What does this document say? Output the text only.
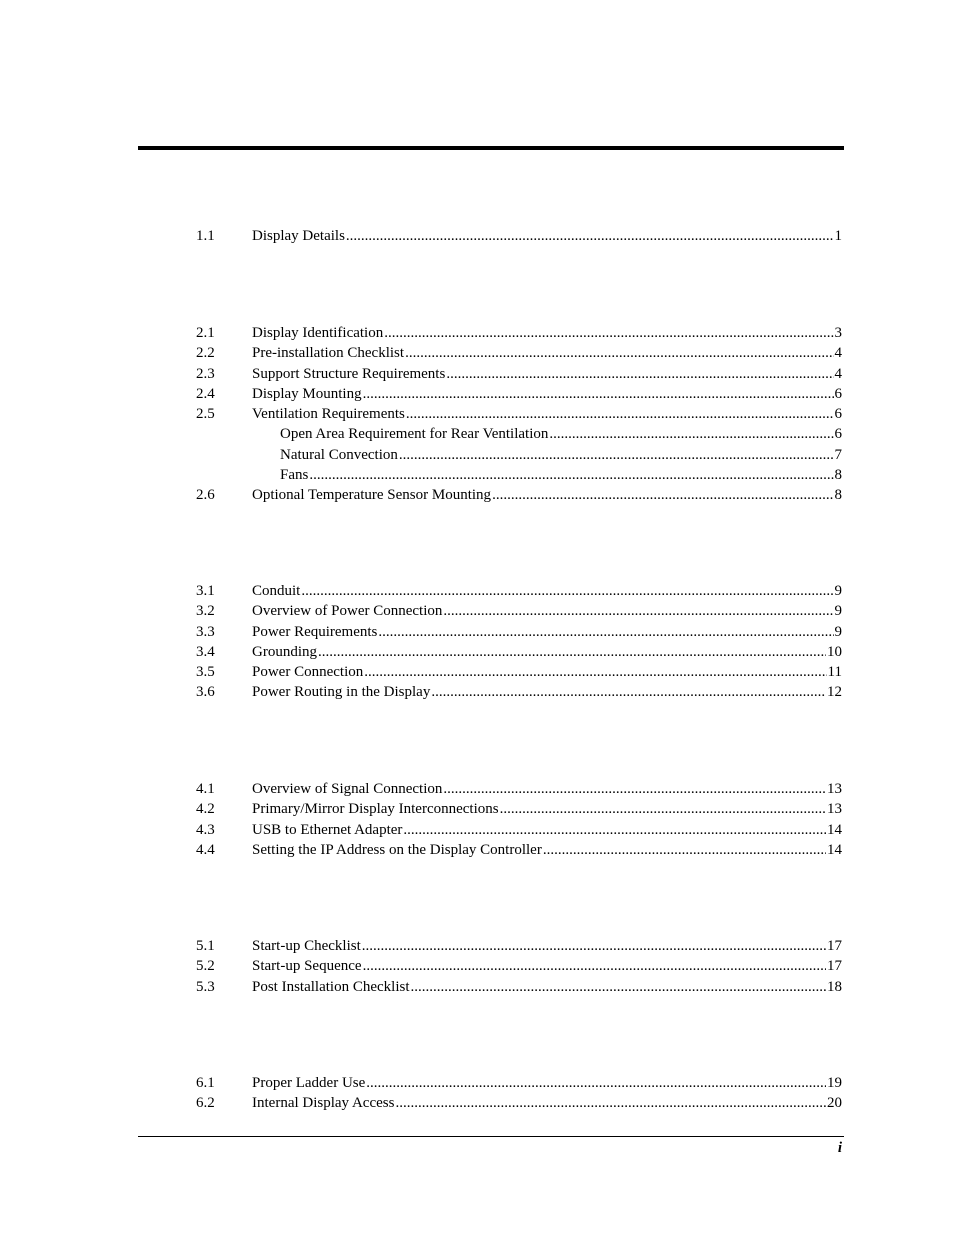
1.1	Display Details .....	1
2.1	Display Identification .....	3
2.2	Pre-installation Checklist .....	4
2.3	Support Structure Requirements .....	4
2.4	Display Mounting .....	6
2.5	Ventilation Requirements .....	6
Open Area Requirement for Rear Ventilation .....	6
Natural Convection .....	7
Fans .....	8
2.6	Optional Temperature Sensor Mounting .....	8
3.1	Conduit .....	9
3.2	Overview of Power Connection .....	9
3.3	Power Requirements .....	9
3.4	Grounding .....	10
3.5	Power Connection .....	11
3.6	Power Routing in the Display .....	12
4.1	Overview of Signal Connection .....	13
4.2	Primary/Mirror Display Interconnections .....	13
4.3	USB to Ethernet Adapter .....	14
4.4	Setting the IP Address on the Display Controller .....	14
5.1	Start-up Checklist .....	17
5.2	Start-up Sequence .....	17
5.3	Post Installation Checklist .....	18
6.1	Proper Ladder Use .....	19
6.2	Internal Display Access .....	20
i
